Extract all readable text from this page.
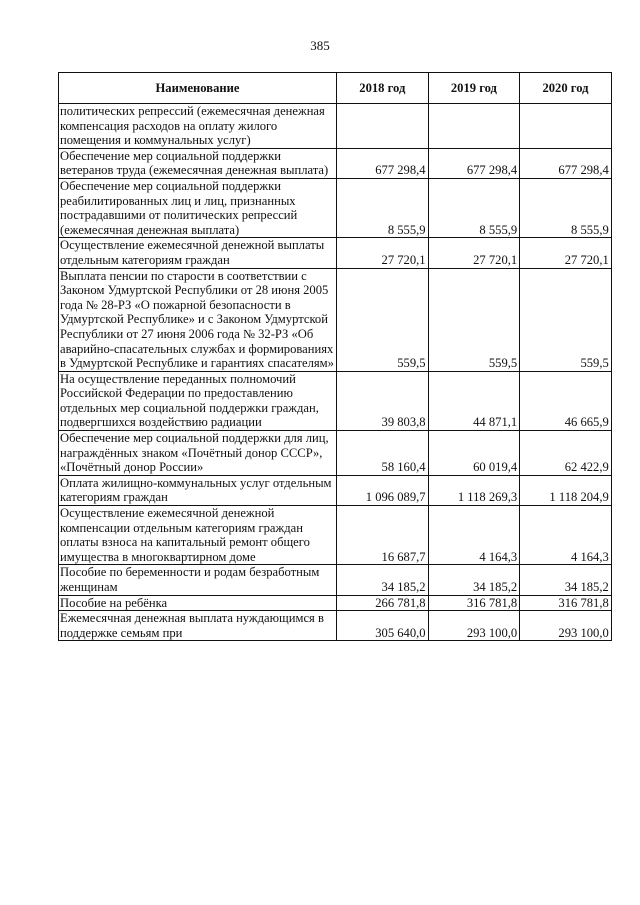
385
Наименование	2018 год	2019 год	2020 год
политических репрессий (ежемесячная денежная компенсация расходов на оплату жилого помещения и коммунальных услуг)			
Обеспечение мер социальной поддержки ветеранов труда (ежемесячная денежная выплата)	677 298,4	677 298,4	677 298,4
Обеспечение мер социальной поддержки реабилитированных лиц и лиц, признанных пострадавшими от политических репрессий (ежемесячная денежная выплата)	8 555,9	8 555,9	8 555,9
Осуществление ежемесячной денежной выплаты отдельным категориям граждан	27 720,1	27 720,1	27 720,1
Выплата пенсии по старости в соответствии с Законом Удмуртской Республики от 28 июня 2005 года № 28-РЗ «О пожарной безопасности в Удмуртской Республике» и с Законом Удмуртской Республики от 27 июня 2006 года № 32-РЗ «Об аварийно-спасательных службах и формированиях в Удмуртской Республике и гарантиях спасателям»	559,5	559,5	559,5
На осуществление переданных полномочий Российской Федерации по предоставлению отдельных мер социальной поддержки граждан, подвергшихся воздействию радиации	39 803,8	44 871,1	46 665,9
Обеспечение мер социальной поддержки для лиц, награждённых знаком «Почётный донор СССР», «Почётный донор России»	58 160,4	60 019,4	62 422,9
Оплата жилищно-коммунальных услуг отдельным категориям граждан	1 096 089,7	1 118 269,3	1 118 204,9
Осуществление ежемесячной денежной компенсации отдельным категориям граждан оплаты взноса на капитальный ремонт общего имущества в многоквартирном доме	16 687,7	4 164,3	4 164,3
Пособие по беременности и родам безработным женщинам	34 185,2	34 185,2	34 185,2
Пособие на ребёнка	266 781,8	316 781,8	316 781,8
Ежемесячная денежная выплата нуждающимся в поддержке семьям при	305 640,0	293 100,0	293 100,0
